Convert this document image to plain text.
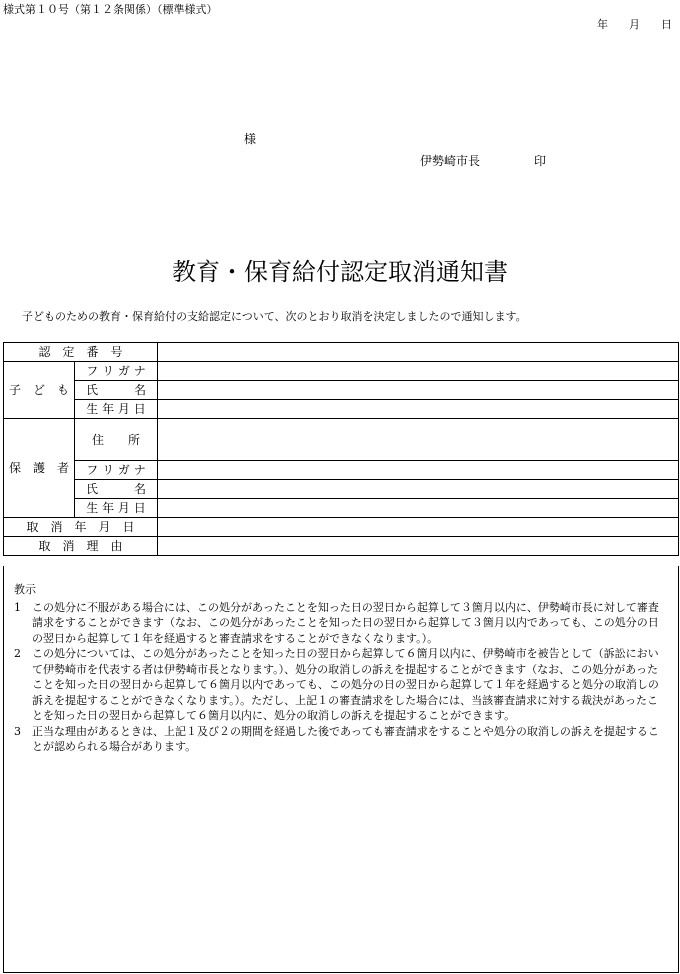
様式第１０号（第１２条関係）（標準様式）
年 月 日
様
伊勢崎市長	印
教育・保育給付認定取消通知書
子どものための教育・保育給付の支給認定について、次のとおり取消を決定しましたので通知します。
認　定　番　号		
子　ど　も	フ リ ガ ナ	
	氏　　　名	
	生 年 月 日	
保　護　者	住　　所	
	フ リ ガ ナ	
	氏　　　名	
	生 年 月 日	
取　消　年　月　日		
取　消　理　由		
教示
1	この処分に不服がある場合には、この処分があったことを知った日の翌日から起算して３箇月以内に、伊勢崎市長に対して審査請求をすることができます（なお、この処分があったことを知った日の翌日から起算して３箇月以内であっても、この処分の日の翌日から起算して１年を経過すると審査請求をすることができなくなります。）。
2	この処分については、この処分があったことを知った日の翌日から起算して６箇月以内に、伊勢崎市を被告として（訴訟において伊勢崎市を代表する者は伊勢崎市長となります。）、処分の取消しの訴えを提起することができます（なお、この処分があったことを知った日の翌日から起算して６箇月以内であっても、この処分の日の翌日から起算して１年を経過すると処分の取消しの訴えを提起することができなくなります。）。ただし、上記１の審査請求をした場合には、当該審査請求に対する裁決があったことを知った日の翌日から起算して６箇月以内に、処分の取消しの訴えを提起することができます。
3	正当な理由があるときは、上記１及び２の期間を経過した後であっても審査請求をすることや処分の取消しの訴えを提起することが認められる場合があります。
